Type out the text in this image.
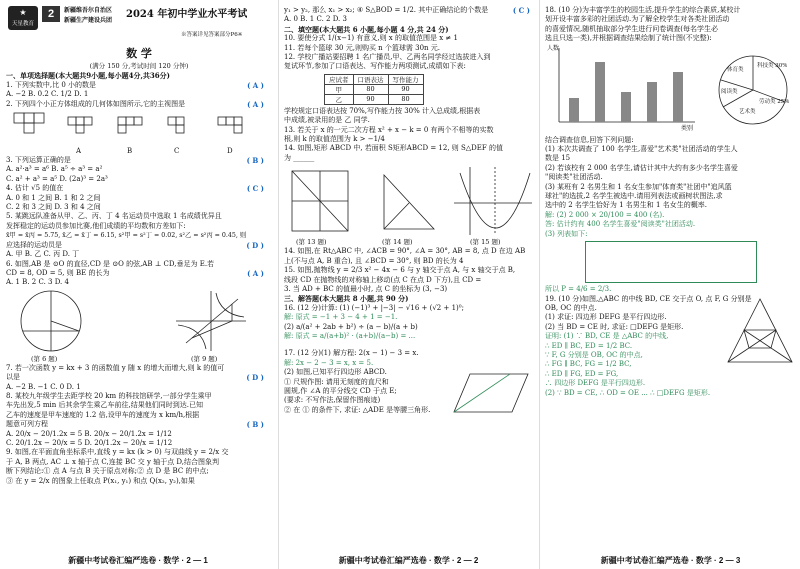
★
天星教育
2	新疆维吾尔自治区
新疆生产建设兵团
2024 年初中学业水平考试
※答案详见答案部分P6※
数 学
(满分 150 分,考试时间 120 分钟)
一、单项选择题(本大题共9小题,每小题4分,共36分)
1. 下列实数中,比 0 小的数是	( A )
A. −2 B. 0.2 C. 1/2 D. 1
2. 下列四个小正方体组成的几何体如图所示,它的主视图是	( A )
A	B	C	D
3. 下列运算正确的是	( B )
A. a²·a³ = a⁶ B. a⁵ ÷ a³ = a²
C. a² + a³ = a⁵ D. (2a)³ = 2a³
4. 估计 √5 的值在	( C )
A. 0 和 1 之间 B. 1 和 2 之间
C. 2 和 3 之间 D. 3 和 4 之间
5. 某跳远队准备从甲、乙、丙、丁 4 名运动员中选取 1 名成绩优异且
发挥稳定的运动员参加比赛,他们成绩的平均数和方差如下:
x̄甲 = x̄丙 = 5.75, x̄乙 = x̄丁 = 6.15, s²甲 = s²丁 = 0.02, s²乙 = s²丙 = 0.45, 则
应选择的运动员是	( D )
A. 甲 B. 乙 C. 丙 D. 丁
6. 如图,AB 是 ⊙O 的直径,CD 是 ⊙O 的弦,AB ⊥ CD,垂足为 E.若
CD = 8, OD = 5, 则 BE 的长为	( A )
A. 1 B. 2 C. 3 D. 4
(第 6 题)	(第 9 题)
7. 若一次函数 y = kx + 3 的函数值 y 随 x 的增大而增大,则 k 的值可
以是	( D )
A. −2 B. −1 C. 0 D. 1
8. 某校九年级学生去距学校 20 km 的科技馆研学,一部分学生乘甲
车先出发,5 min 后其余学生乘乙车前往,结果他们同时到达.已知
乙车的速度是甲车速度的 1.2 倍,设甲车的速度为 x km/h,根据
题意可列方程	( B )
A. 20/x − 20/1.2x = 5 B. 20/x − 20/1.2x = 1/12
C. 20/1.2x − 20/x = 5 D. 20/1.2x − 20/x = 1/12
9. 如图,在平面直角坐标系中,直线 y = kx (k > 0) 与双曲线 y = 2/x 交
于 A, B 两点, AC ⊥ x 轴于点 C,连接 BC 交 y 轴于点 D,结合图象判
断下列结论:① 点 A 与点 B 关于原点对称;② 点 D 是 BC 的中点;
③ 在 y = 2/x 的图象上任取点 P(x₁, y₁) 和点 Q(x₂, y₂),如果
新疆中考试卷汇编严选卷 · 数学 · 2 — 1
y₁ > y₂, 那么 x₁ > x₂; ④ S△BOD = 1/2. 其中正确结论的个数是	( C )
A. 0 B. 1 C. 2 D. 3
二、填空题(本大题共 6 小题,每小题 4 分,共 24 分)
10. 要使分式 1/(x−1) 有意义,则 x 的取值范围是 x ≠ 1
11. 若每个篮球 30 元,则购买 n 个篮球需 30n 元.
12. 学校广播站要招聘 1 名广播员,甲、乙两名同学经过选拔进入到
复试环节,参加了口语表达、写作能力两项测试,成绩如下表:
应试者	口语表达	写作能力
甲	80	90
乙	90	80
学校规定口语表达按 70%,写作能力按 30% 计入总成绩,根据表
中成绩,被录用的是 乙 同学.
13. 若关于 x 的一元二次方程 x² + x − k = 0 有两个不相等的实数
根,则 k 的取值范围为 k > −1/4
14. 如图,矩形 ABCD 中, 若面积 S矩形ABCD = 12, 则 S△DEF 的值
为 ______
(第 13 题)	(第 14 题)	(第 15 题)
14. 如图,在 Rt△ABC 中, ∠ACB = 90°, ∠A = 30°, AB = 8, 点 D 在边 AB
上(不与点 A, B 重合), 且 ∠BCD = 30°, 则 BD 的长为 4
15. 如图,抛物线 y = 2/3 x² − 4x − 6 与 y 轴交于点 A, 与 x 轴交于点 B,
线段 CD 在抛物线的对称轴上移动(点 C 在点 D 下方),且 CD =
3. 当 AD + BC 的值最小时, 点 C 的坐标为 (3, −3)
三、解答题(本大题共 8 小题,共 90 分)
16. (12 分)计算: (1) (−1)³ + |−3| − √16 + (√2 + 1)⁰;
解: 原式 = −1 + 3 − 4 + 1 = −1.
(2) a/(a² + 2ab + b²) ÷ (a − b)/(a + b)
解: 原式 = a/(a+b)² · (a+b)/(a−b) = ...
17. (12 分)(1) 解方程: 2(x − 1) − 3 = x.
解: 2x − 2 − 3 = x, x = 5.
(2) 如图,已知平行四边形 ABCD.
① 尺规作图: 请用无刻度的直尺和
圆规,作 ∠A 的平分线交 CD 于点 E;
(要求: 不写作法,保留作图痕迹)
② 在 ① 的条件下, 求证: △ADE 是等腰三角形.
新疆中考试卷汇编严选卷 · 数学 · 2 — 2
18. (10 分)为丰富学生的校园生活,提升学生的综合素质,某校计
划开设丰富多彩的社团活动.为了解全校学生对各类社团活动
的喜爱情况,随机抽取部分学生进行问卷调查(每名学生必
选且只选一类),并根据调查结果绘制了统计图(不完整):
人数
类别
体育类
科技类 30%
阅读类
艺术类
劳动类 25%
结合调查信息,回答下列问题:
(1) 本次共调查了 100 名学生,喜爱"艺术类"社团活动的学生人
数是 15
(2) 若该校有 2 000 名学生,请估计其中大约有多少名学生喜爱
"阅读类"社团活动.
(3) 某班有 2 名男生和 1 名女生参加"体育类"社团中"追风篮
球社"的选拔,2 名学生被选中.请用列表法或画树状图法,求
选中的 2 名学生恰好为 1 名男生和 1 名女生的概率.
解: (2) 2 000 × 20/100 = 400 (名).
答: 估计约有 400 名学生喜爱"阅读类"社团活动.
(3) 列表如下:
所以 P = 4/6 = 2/3.
19. (10 分)如图,△ABC 的中线 BD, CE 交于点 O, 点 F, G 分别是
OB, OC 的中点.
(1) 求证: 四边形 DEFG 是平行四边形.
(2) 当 BD = CE 时, 求证: □DEFG 是矩形.
证明: (1) ∵ BD, CE 是 △ABC 的中线,
∴ ED ∥ BC, ED = 1/2 BC.
∵ F, G 分别是 OB, OC 的中点,
∴ FG ∥ BC, FG = 1/2 BC,
∴ ED ∥ FG, ED = FG,
∴ 四边形 DEFG 是平行四边形.
(2) ∵ BD = CE, ∴ OD = OE ... ∴ □DEFG 是矩形.
新疆中考试卷汇编严选卷 · 数学 · 2 — 3
